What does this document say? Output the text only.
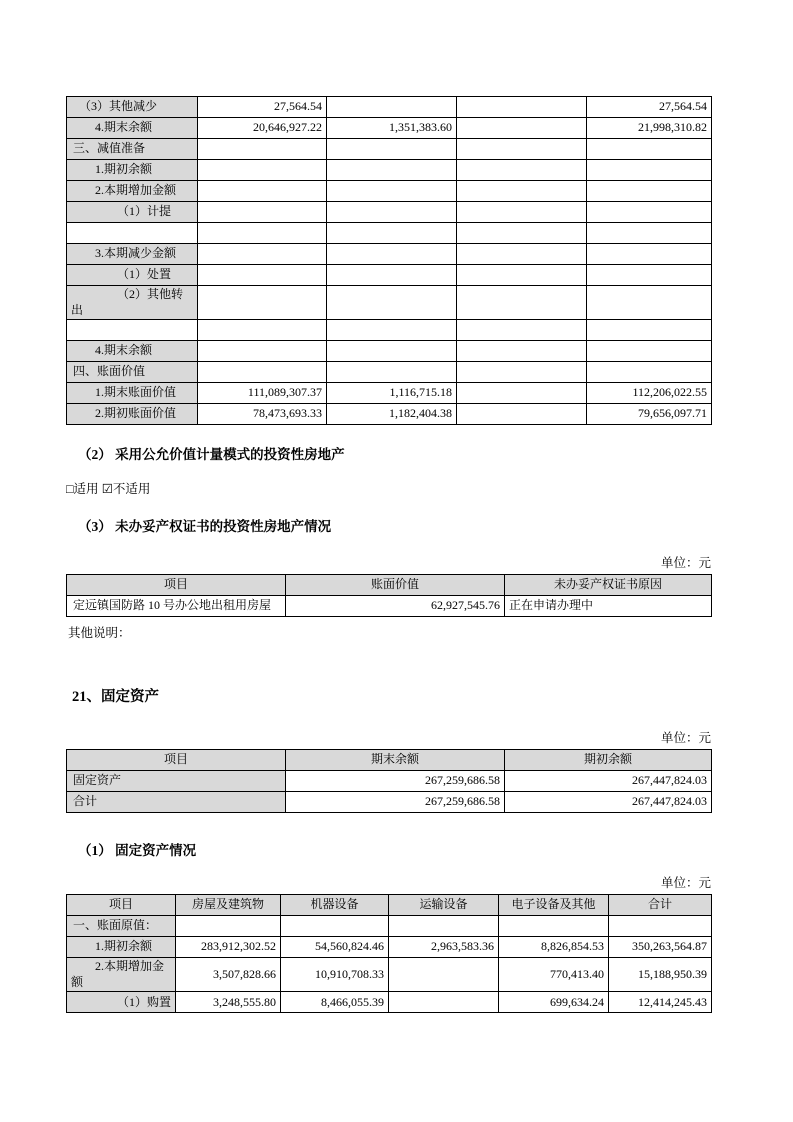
（3）其他减少	27,564.54			27,564.54
4.期末余额	20,646,927.22	1,351,383.60		21,998,310.82
三、减值准备				
1.期初余额				
2.本期增加金额				
（1）计提				

3.本期减少金额				
（1）处置				
（2）其他转出				

4.期末余额				
四、账面价值				
1.期末账面价值	111,089,307.37	1,116,715.18		112,206,022.55
2.期初账面价值	78,473,693.33	1,182,404.38		79,656,097.71
（2） 采用公允价值计量模式的投资性房地产
□适用 ☑不适用
（3） 未办妥产权证书的投资性房地产情况
单位：元
项目	账面价值	未办妥产权证书原因
定远镇国防路 10 号办公地出租用房屋	62,927,545.76	正在申请办理中
其他说明：
21、固定资产
单位：元
项目	期末余额	期初余额
固定资产	267,259,686.58	267,447,824.03
合计	267,259,686.58	267,447,824.03
（1） 固定资产情况
单位：元
项目	房屋及建筑物	机器设备	运输设备	电子设备及其他	合计
一、账面原值：					
1.期初余额	283,912,302.52	54,560,824.46	2,963,583.36	8,826,854.53	350,263,564.87
2.本期增加金额	3,507,828.66	10,910,708.33		770,413.40	15,188,950.39
（1）购置	3,248,555.80	8,466,055.39		699,634.24	12,414,245.43
